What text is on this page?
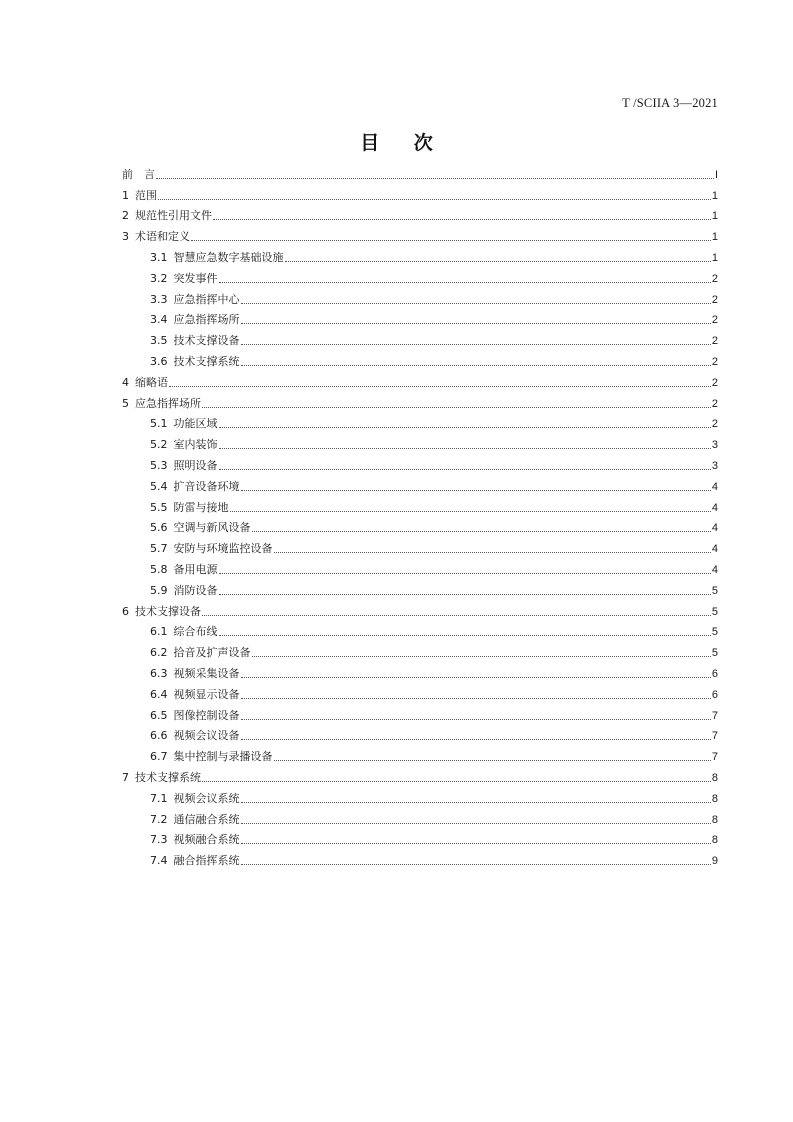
T /SCIIA 3—2021
目 次
前　言	I
1 范围	1
2 规范性引用文件	1
3 术语和定义	1
3.1 智慧应急数字基础设施	1
3.2 突发事件	2
3.3 应急指挥中心	2
3.4 应急指挥场所	2
3.5 技术支撑设备	2
3.6 技术支撑系统	2
4 缩略语	2
5 应急指挥场所	2
5.1 功能区域	2
5.2 室内装饰	3
5.3 照明设备	3
5.4 扩音设备环境	4
5.5 防雷与接地	4
5.6 空调与新风设备	4
5.7 安防与环境监控设备	4
5.8 备用电源	4
5.9 消防设备	5
6 技术支撑设备	5
6.1 综合布线	5
6.2 拾音及扩声设备	5
6.3 视频采集设备	6
6.4 视频显示设备	6
6.5 图像控制设备	7
6.6 视频会议设备	7
6.7 集中控制与录播设备	7
7 技术支撑系统	8
7.1 视频会议系统	8
7.2 通信融合系统	8
7.3 视频融合系统	8
7.4 融合指挥系统	9
